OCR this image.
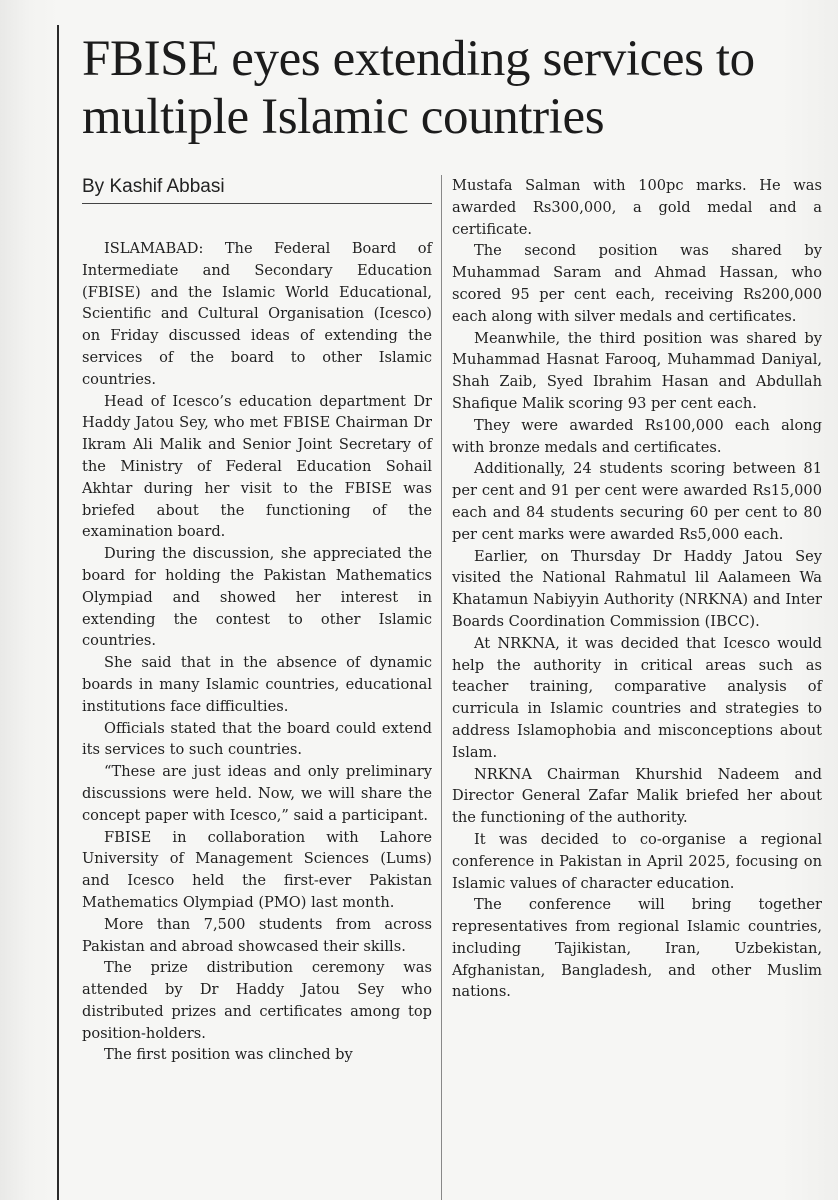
FBISE eyes extending services to
multiple Islamic countries
By Kashif Abbasi

ISLAMABAD: The Federal Board of Intermediate and Secondary Education (FBISE) and the Islamic World Educational, Scientific and Cultural Organisation (Icesco) on Friday discussed ideas of extending the services of the board to other Islamic countries.

Head of Icesco’s education department Dr Haddy Jatou Sey, who met FBISE Chairman Dr Ikram Ali Malik and Senior Joint Secretary of the Ministry of Federal Education Sohail Akhtar during her visit to the FBISE was briefed about the functioning of the examination board.

During the discussion, she appreciated the board for holding the Pakistan Mathematics Olympiad and showed her interest in extending the contest to other Islamic countries.

She said that in the absence of dynamic boards in many Islamic countries, educational institutions face difficulties.

Officials stated that the board could extend its services to such countries.

“These are just ideas and only preliminary discussions were held. Now, we will share the concept paper with Icesco,” said a participant.

FBISE in collaboration with Lahore University of Management Sciences (Lums) and Icesco held the first-ever Pakistan Mathematics Olympiad (PMO) last month.

More than 7,500 students from across Pakistan and abroad showcased their skills.

The prize distribution ceremony was attended by Dr Haddy Jatou Sey who distributed prizes and certificates among top position-holders.

The first position was clinched by

Mustafa Salman with 100pc marks. He was awarded Rs300,000, a gold medal and a certificate.

The second position was shared by Muhammad Saram and Ahmad Hassan, who scored 95 per cent each, receiving Rs200,000 each along with silver medals and certificates.

Meanwhile, the third position was shared by Muhammad Hasnat Farooq, Muhammad Daniyal, Shah Zaib, Syed Ibrahim Hasan and Abdullah Shafique Malik scoring 93 per cent each.

They were awarded Rs100,000 each along with bronze medals and certificates.

Additionally, 24 students scoring between 81 per cent and 91 per cent were awarded Rs15,000 each and 84 students securing 60 per cent to 80 per cent marks were awarded Rs5,000 each.

Earlier, on Thursday Dr Haddy Jatou Sey visited the National Rahmatul lil Aalameen Wa Khatamun Nabiyyin Authority (NRKNA) and Inter Boards Coordination Commission (IBCC).

At NRKNA, it was decided that Icesco would help the authority in critical areas such as teacher training, comparative analysis of curricula in Islamic countries and strategies to address Islamophobia and misconceptions about Islam.

NRKNA Chairman Khurshid Nadeem and Director General Zafar Malik briefed her about the functioning of the authority.

It was decided to co-organise a regional conference in Pakistan in April 2025, focusing on Islamic values of character education.

The conference will bring together representatives from regional Islamic countries, including Tajikistan, Iran, Uzbekistan, Afghanistan, Bangladesh, and other Muslim nations.
